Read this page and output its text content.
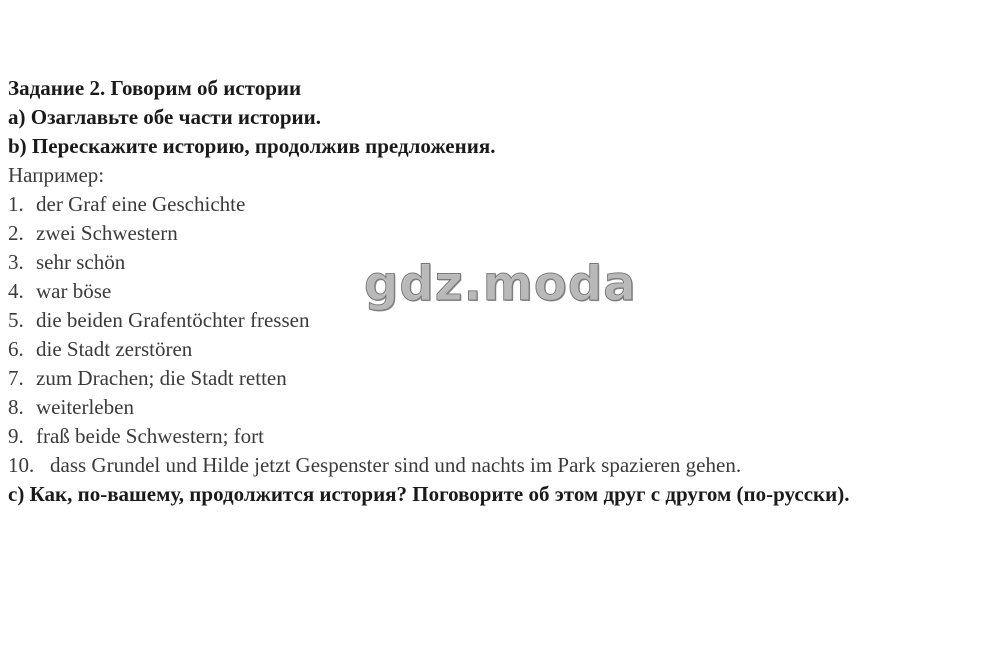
Задание 2. Говорим об истории
a) Озаглавьте обе части истории.
b) Перескажите историю, продолжив предложения.
Например:
1. der Graf eine Geschichte
2. zwei Schwestern
3. sehr schön
4. war böse
5. die beiden Grafentöchter fressen
6. die Stadt zerstören
7. zum Drachen; die Stadt retten
8. weiterleben
9. fraß beide Schwestern; fort
10. dass Grundel und Hilde jetzt Gespenster sind und nachts im Park spazieren gehen.
c) Как, по-вашему, продолжится история? Поговорите об этом друг с другом (по-русски).
gdz.moda
